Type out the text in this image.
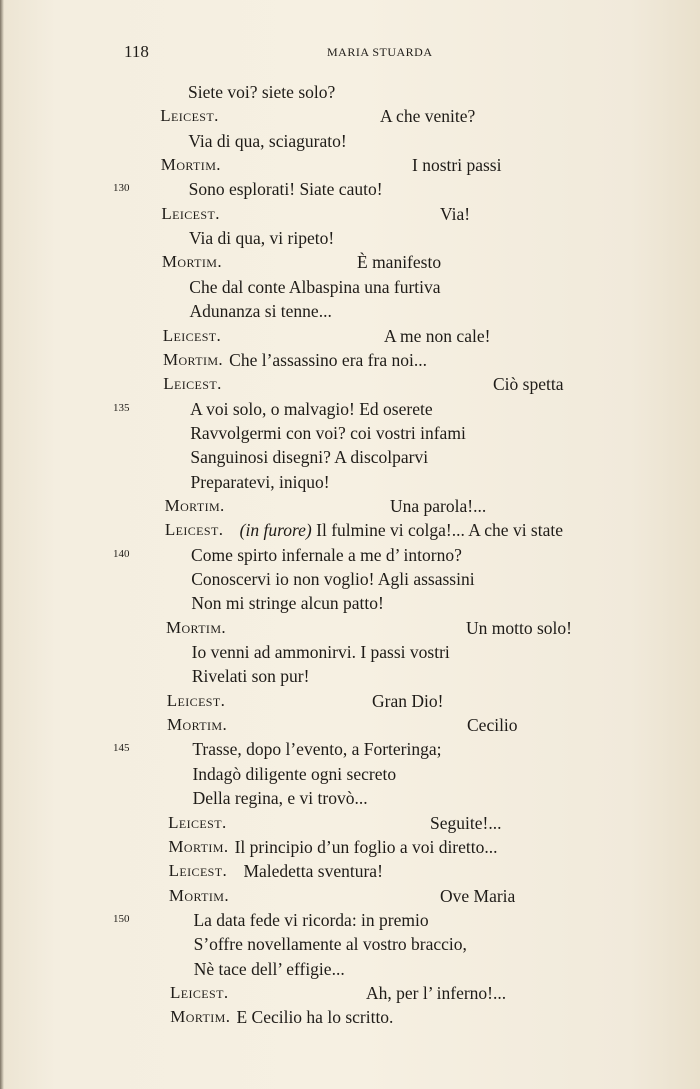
118	MARIA STUARDA
Siete voi? siete solo?
Leicest.	A che venite?
Via di qua, sciagurato!
Mortim.	I nostri passi
130	Sono esplorati! Siate cauto!
Leicest.	Via!
Via di qua, vi ripeto!
Mortim.	È manifesto
Che dal conte Albaspina una furtiva
Adunanza si tenne...
Leicest.	A me non cale!
Mortim. Che l’assassino era fra noi...
Leicest.	Ciò spetta
135	A voi solo, o malvagio! Ed oserete
Ravvolgermi con voi? coi vostri infami
Sanguinosi disegni? A discolparvi
Preparatevi, iniquo!
Mortim.	Una parola!...
Leicest. (in furore) Il fulmine vi colga!... A che vi state
140	Come spirto infernale a me d’ intorno?
Conoscervi io non voglio! Agli assassini
Non mi stringe alcun patto!
Mortim.	Un motto solo!
Io venni ad ammonirvi. I passi vostri
Rivelati son pur!
Leicest.	Gran Dio!
Mortim.	Cecilio
145	Trasse, dopo l’evento, a Forteringa;
Indagò diligente ogni secreto
Della regina, e vi trovò...
Leicest.	Seguite!...
Mortim. Il principio d’un foglio a voi diretto...
Leicest. Maledetta sventura!
Mortim.	Ove Maria
150	La data fede vi ricorda: in premio
S’offre novellamente al vostro braccio,
Nè tace dell’ effigie...
Leicest.	Ah, per l’ inferno!...
Mortim. E Cecilio ha lo scritto.
